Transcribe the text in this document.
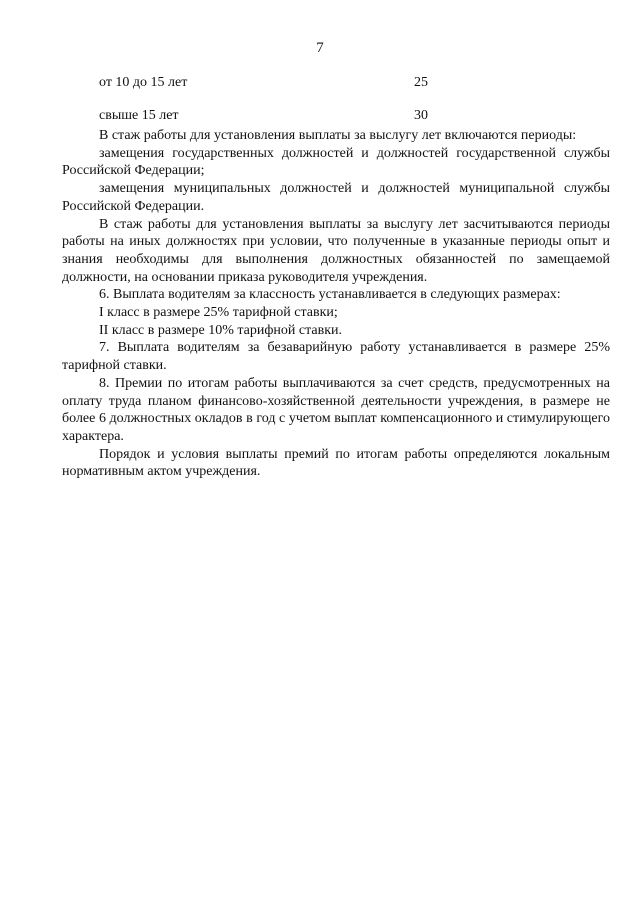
7
от 10 до 15 лет	25
свыше 15 лет	30

В стаж работы для установления выплаты за выслугу лет включаются периоды:

замещения государственных должностей и должностей государственной службы Российской Федерации;

замещения муниципальных должностей и должностей муниципальной службы Российской Федерации.

В стаж работы для установления выплаты за выслугу лет засчитываются периоды работы на иных должностях при условии, что полученные в указанные периоды опыт и знания необходимы для выполнения должностных обязанностей по замещаемой должности, на основании приказа руководителя учреждения.

6. Выплата водителям за классность устанавливается в следующих размерах:

I класс в размере 25% тарифной ставки;

II класс в размере 10% тарифной ставки.

7. Выплата водителям за безаварийную работу устанавливается в размере 25% тарифной ставки.

8. Премии по итогам работы выплачиваются за счет средств, предусмотренных на оплату труда планом финансово-хозяйственной деятельности учреждения, в размере не более 6 должностных окладов в год с учетом выплат компенсационного и стимулирующего характера.

Порядок и условия выплаты премий по итогам работы определяются локальным нормативным актом учреждения.
